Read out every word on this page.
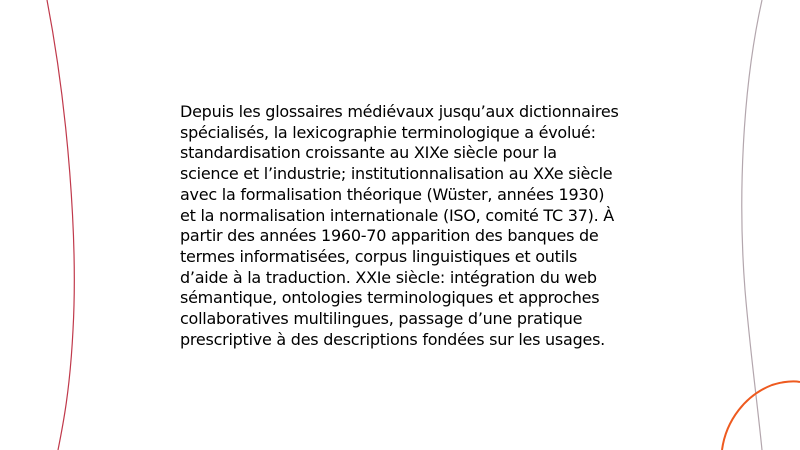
Depuis les glossaires médiévaux jusqu’aux dictionnaires spécialisés, la lexicographie terminologique a évolué: standardisation croissante au XIXe siècle pour la science et l’industrie; institutionnalisation au XXe siècle avec la formalisation théorique (Wüster, années 1930) et la normalisation internationale (ISO, comité TC 37). À partir des années 1960-70 apparition des banques de termes informatisées, corpus linguistiques et outils d’aide à la traduction. XXIe siècle: intégration du web sémantique, ontologies terminologiques et approches collaboratives multilingues, passage d’une pratique prescriptive à des descriptions fondées sur les usages.
